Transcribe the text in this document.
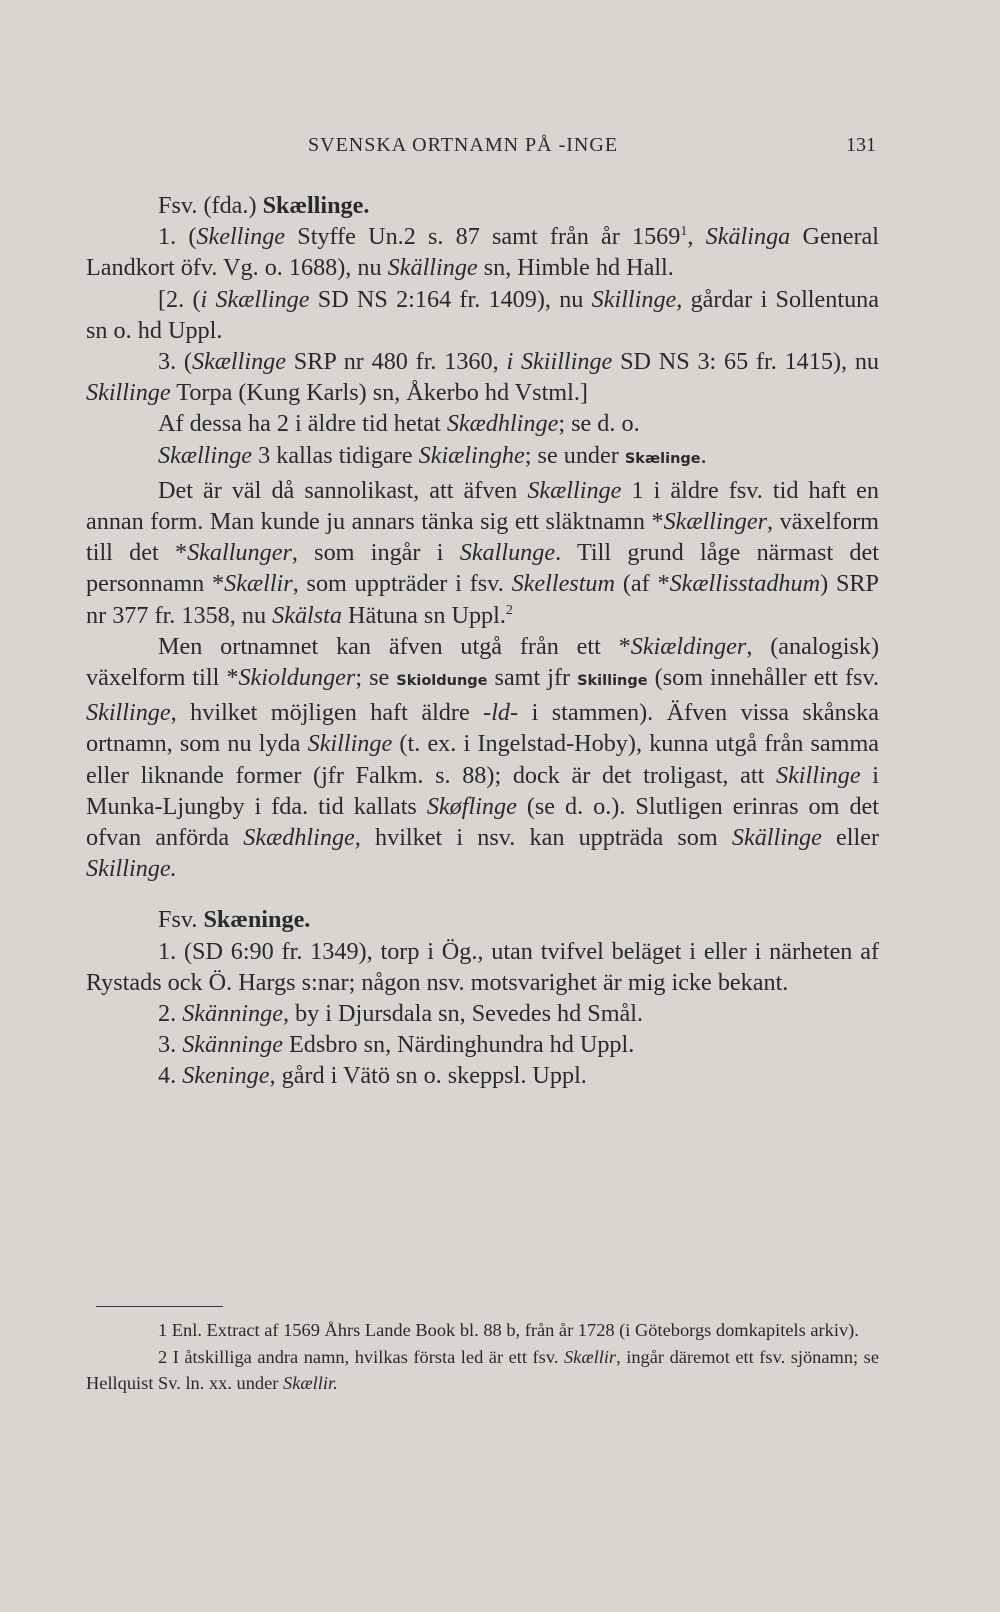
SVENSKA ORTNAMN PÅ -INGE	131

Fsv. (fda.) Skællinge.

1. (Skellinge Styffe Un.2 s. 87 samt från år 1569$^1$, Skälinga General Landkort öfv. Vg. o. 1688), nu Skällinge sn, Himble hd Hall.

[2. (i Skællinge SD NS 2:164 fr. 1409), nu Skillinge, gårdar i Sollentuna sn o. hd Uppl.

3. (Skællinge SRP nr 480 fr. 1360, i Skiillinge SD NS 3: 65 fr. 1415), nu Skillinge Torpa (Kung Karls) sn, Åkerbo hd Vstml.]

Af dessa ha 2 i äldre tid hetat Skædhlinge; se d. o.

Skællinge 3 kallas tidigare Skiælinghe; se under Skælinge.

Det är väl då sannolikast, att äfven Skællinge 1 i äldre fsv. tid haft en annan form. Man kunde ju annars tänka sig ett släktnamn *Skællinger, växelform till det *Skallunger, som ingår i Skallunge. Till grund låge närmast det personnamn *Skællir, som uppträder i fsv. Skellestum (af *Skællisstadhum) SRP nr 377 fr. 1358, nu Skälsta Hätuna sn Uppl.$^2$

Men ortnamnet kan äfven utgå från ett *Skiældinger, (analogisk) växelform till *Skioldunger; se Skioldunge samt jfr Skillinge (som innehåller ett fsv. Skillinge, hvilket möjligen haft äldre -ld- i stammen). Äfven vissa skånska ortnamn, som nu lyda Skillinge (t. ex. i Ingelstad-Hoby), kunna utgå från samma eller liknande former (jfr Falkm. s. 88); dock är det troligast, att Skillinge i Munka-Ljungby i fda. tid kallats Skøflinge (se d. o.). Slutligen erinras om det ofvan anförda Skædhlinge, hvilket i nsv. kan uppträda som Skällinge eller Skillinge.

Fsv. Skæninge.

1. (SD 6:90 fr. 1349), torp i Ög., utan tvifvel beläget i eller i närheten af Rystads ock Ö. Hargs s:nar; någon nsv. motsvarighet är mig icke bekant.

2. Skänninge, by i Djursdala sn, Sevedes hd Smål.

3. Skänninge Edsbro sn, Närdinghundra hd Uppl.

4. Skeninge, gård i Vätö sn o. skeppsl. Uppl.

1 Enl. Extract af 1569 Åhrs Lande Book bl. 88 b, från år 1728 (i Göteborgs domkapitels arkiv).

2 I åtskilliga andra namn, hvilkas första led är ett fsv. Skællir, ingår däremot ett fsv. sjönamn; se Hellquist Sv. ln. xx. under Skællir.
